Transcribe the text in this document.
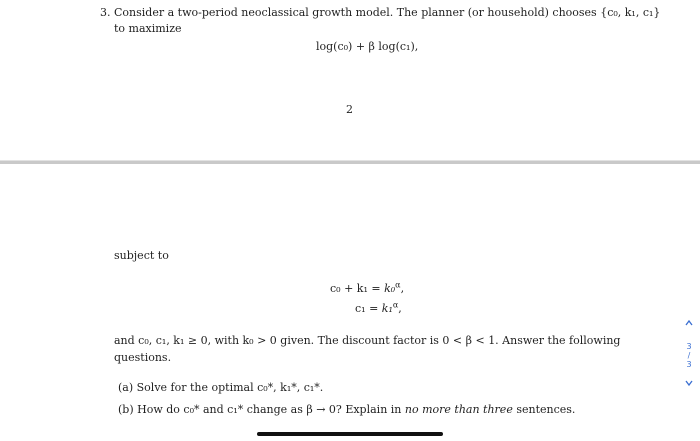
3. Consider a two-period neoclassical growth model. The planner (or household) chooses {c₀, k₁, c₁}
to maximize
log(c₀) + β log(c₁),
2
subject to
c₀ + k₁ = k₀$^\alpha$,
c₁ = k₁$^\alpha$,
and c₀, c₁, k₁ ≥ 0, with k₀ > 0 given. The discount factor is 0 < β < 1. Answer the following
questions.
(a) Solve for the optimal c₀*, k₁*, c₁*.
(b) How do c₀* and c₁* change as β → 0? Explain in no more than three sentences.
3
/
3
